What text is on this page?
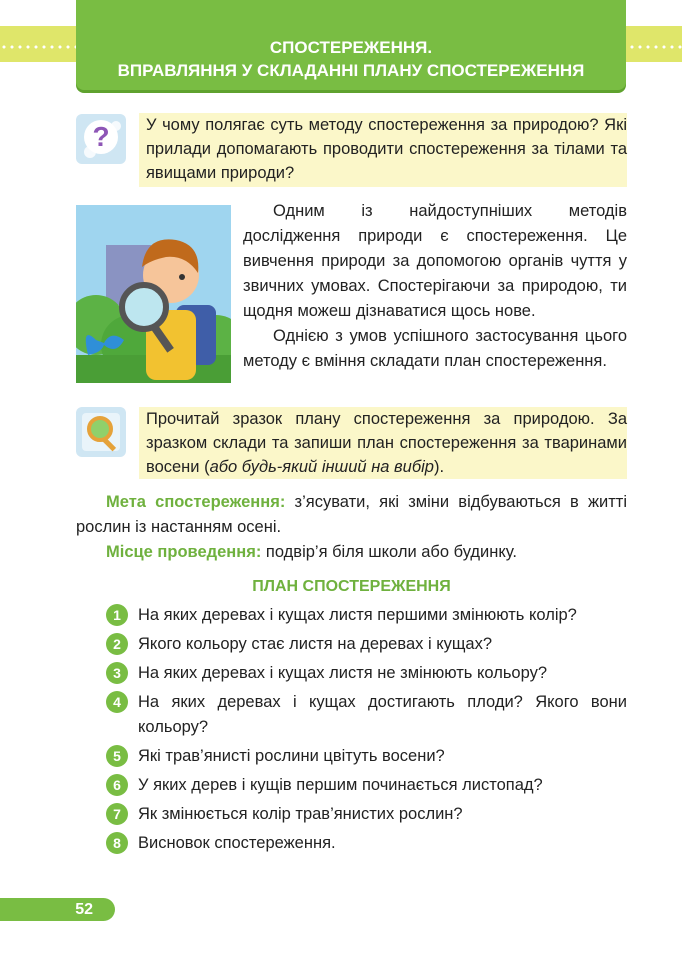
СПОСТЕРЕЖЕННЯ.
ВПРАВЛЯННЯ У СКЛАДАННІ ПЛАНУ СПОСТЕРЕЖЕННЯ
?	У чому полягає суть методу спостереження за природою? Які прилади допомагають проводити спостереження за тілами та явищами природи?

Одним із найдоступніших методів дослідження природи є спостереження. Це вивчення природи за допомогою органів чуття у звичних умовах. Спостерігаючи за природою, ти щодня можеш дізнаватися щось нове.

Однією з умов успішного застосування цього методу є вміння складати план спостереження.

Прочитай зразок плану спостереження за природою. За зразком склади та запиши план спостереження за тваринами восени (або будь-який інший на вибір).

Мета спостереження: з’ясувати, які зміни відбуваються в житті рослин із настанням осені.

Місце проведення: подвір’я біля школи або будинку.

ПЛАН СПОСТЕРЕЖЕННЯ
1	На яких деревах і кущах листя першими змінюють колір?
2	Якого кольору стає листя на деревах і кущах?
3	На яких деревах і кущах листя не змінюють кольору?
4	На яких деревах і кущах достигають плоди? Якого вони кольору?
5	Які трав’янисті рослини цвітуть восени?
6	У яких дерев і кущів першим починається листопад?
7	Як змінюється колір трав’янистих рослин?
8	Висновок спостереження.
52
